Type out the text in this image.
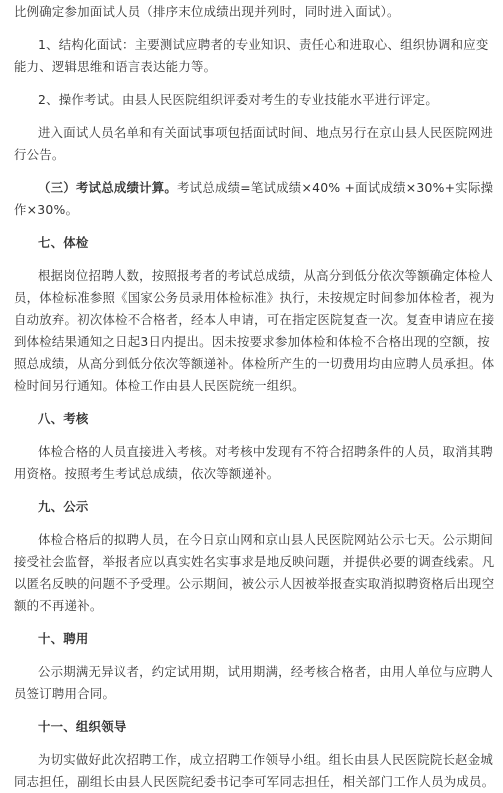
比例确定参加面试人员（排序末位成绩出现并列时，同时进入面试）。

1、结构化面试：主要测试应聘者的专业知识、责任心和进取心、组织协调和应变能力、逻辑思维和语言表达能力等。

2、操作考试。由县人民医院组织评委对考生的专业技能水平进行评定。

进入面试人员名单和有关面试事项包括面试时间、地点另行在京山县人民医院网进行公告。

（三）考试总成绩计算。考试总成绩=笔试成绩×40% +面试成绩×30%+实际操作×30%。

七、体检

根据岗位招聘人数，按照报考者的考试总成绩，从高分到低分依次等额确定体检人员，体检标准参照《国家公务员录用体检标准》执行，未按规定时间参加体检者，视为自动放弃。初次体检不合格者，经本人申请，可在指定医院复查一次。复查申请应在接到体检结果通知之日起3日内提出。因未按要求参加体检和体检不合格出现的空额，按照总成绩，从高分到低分依次等额递补。体检所产生的一切费用均由应聘人员承担。体检时间另行通知。体检工作由县人民医院统一组织。

八、考核

体检合格的人员直接进入考核。对考核中发现有不符合招聘条件的人员，取消其聘用资格。按照考生考试总成绩，依次等额递补。

九、公示

体检合格后的拟聘人员，在今日京山网和京山县人民医院网站公示七天。公示期间接受社会监督，举报者应以真实姓名实事求是地反映问题，并提供必要的调查线索。凡以匿名反映的问题不予受理。公示期间，被公示人因被举报查实取消拟聘资格后出现空额的不再递补。

十、聘用

公示期满无异议者，约定试用期，试用期满，经考核合格者，由用人单位与应聘人员签订聘用合同。

十一、组织领导

为切实做好此次招聘工作，成立招聘工作领导小组。组长由县人民医院院长赵金城同志担任，副组长由县人民医院纪委书记李可军同志担任，相关部门工作人员为成员。
